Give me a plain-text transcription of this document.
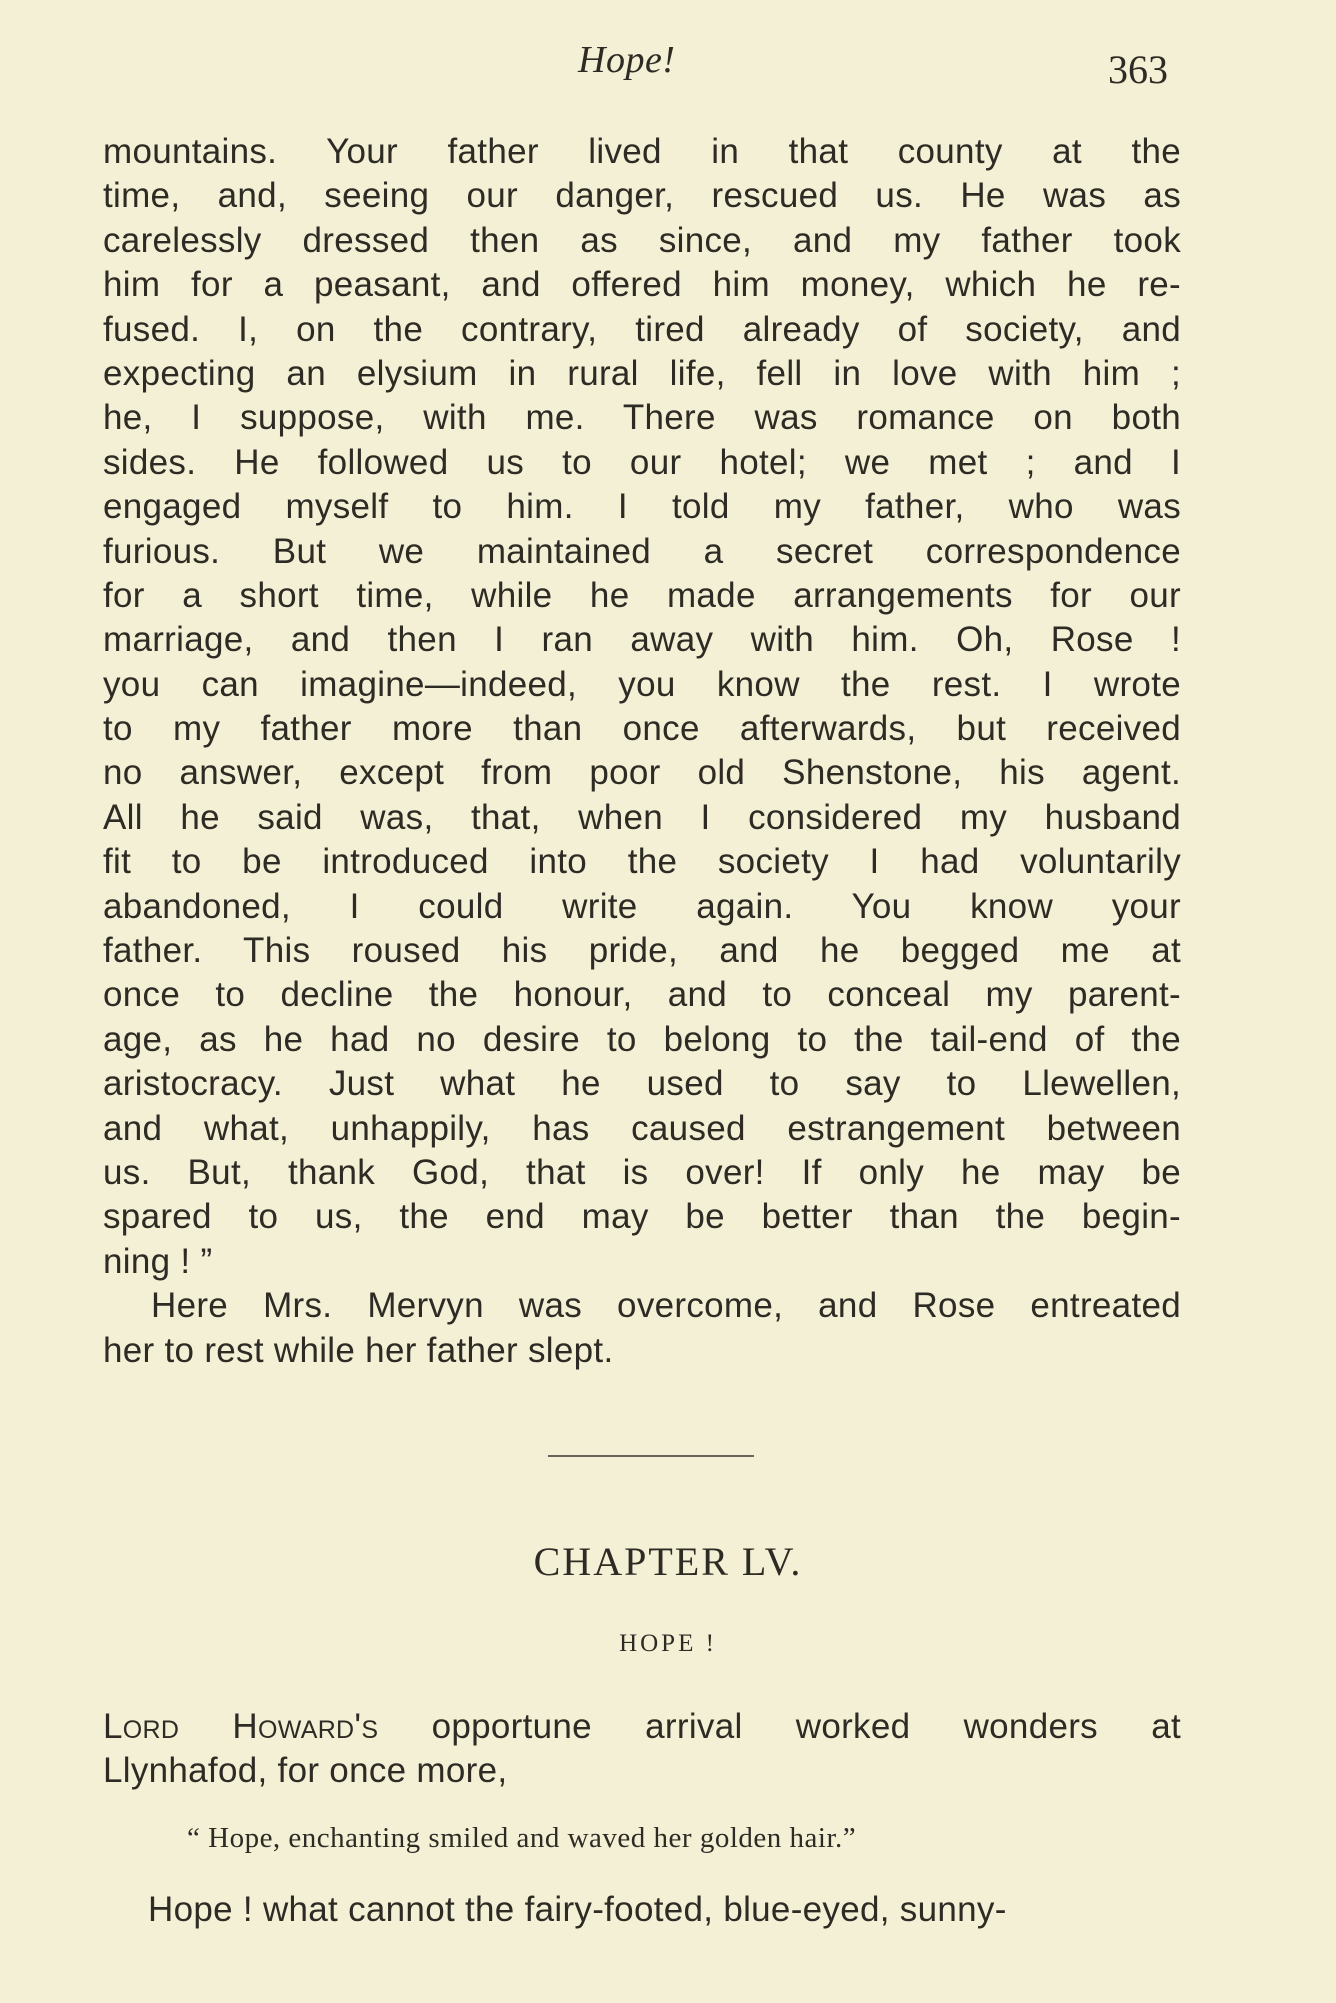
Hope!	363
mountains. Your father lived in that county at the
time, and, seeing our danger, rescued us. He was as
carelessly dressed then as since, and my father took
him for a peasant, and offered him money, which he re-
fused. I, on the contrary, tired already of society, and
expecting an elysium in rural life, fell in love with him ;
he, I suppose, with me. There was romance on both
sides. He followed us to our hotel; we met ; and I
engaged myself to him. I told my father, who was
furious. But we maintained a secret correspondence
for a short time, while he made arrangements for our
marriage, and then I ran away with him. Oh, Rose !
you can imagine—indeed, you know the rest. I wrote
to my father more than once afterwards, but received
no answer, except from poor old Shenstone, his agent.
All he said was, that, when I considered my husband
fit to be introduced into the society I had voluntarily
abandoned, I could write again. You know your
father. This roused his pride, and he begged me at
once to decline the honour, and to conceal my parent-
age, as he had no desire to belong to the tail-end of the
aristocracy. Just what he used to say to Llewellen,
and what, unhappily, has caused estrangement between
us. But, thank God, that is over! If only he may be
spared to us, the end may be better than the begin-
ning ! ”
Here Mrs. Mervyn was overcome, and Rose entreated
her to rest while her father slept.
CHAPTER LV.
HOPE !
Lord Howard's opportune arrival worked wonders at
Llynhafod, for once more,
“ Hope, enchanting smiled and waved her golden hair.”
Hope ! what cannot the fairy-footed, blue-eyed, sunny-
